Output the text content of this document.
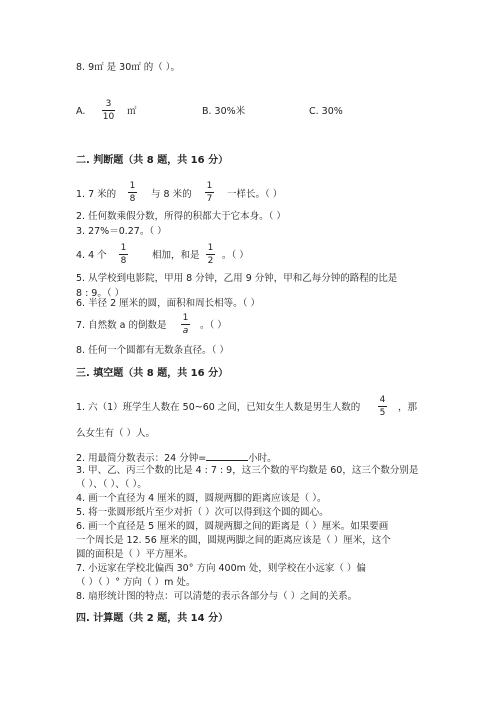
8. 9㎡ 是 30㎡ 的（ ）。
A.
3
10 ㎡	B. 30%米	C. 30%
二. 判断题（共 8 题，共 16 分）
1. 7 米的
1
8 与 8 米的
1
7 一样长。（ ）
2. 任何数乘假分数，所得的积都大于它本身。（ ）
3. 27%＝0.27。（ ）
4. 4 个
1
8	相加，和是
1
2 。（ ）
5. 从学校到电影院，甲用 8 分钟，乙用 9 分钟，甲和乙每分钟的路程的比是
8 : 9。（ ）
6. 半径 2 厘米的圆，面积和周长相等。（ ）
7. 自然数 a 的倒数是
1
a 。（ ）
8. 任何一个圆都有无数条直径。（ ）
三. 填空题（共 8 题，共 16 分）
1. 六（1）班学生人数在 50~60 之间，已知女生人数是男生人数的
4
5 ，那
么女生有（ ）人。
2. 用最简分数表示：24 分钟=	小时。
3. 甲、乙、丙三个数的比是 4 : 7 : 9，这三个数的平均数是 60，这三个数分别是
（ ）、（ ）、（ ）。
4. 画一个直径为 4 厘米的圆，圆规两脚的距离应该是（ ）。
5. 将一张圆形纸片至少对折（ ）次可以得到这个圆的圆心。
6. 画一个直径是 5 厘米的圆，圆规两脚之间的距离是（ ）厘米。如果要画
一个周长是 12. 56 厘米的圆，圆规两脚之间的距离应该是（ ）厘米，这个
圆的面积是（ ）平方厘米。
7. 小远家在学校北偏西 30° 方向 400m 处，则学校在小远家（ ）偏
（ ）（ ）° 方向（ ）m 处。
8. 扇形统计图的特点：可以清楚的表示各部分与（ ）之间的关系。
四. 计算题（共 2 题，共 14 分）
